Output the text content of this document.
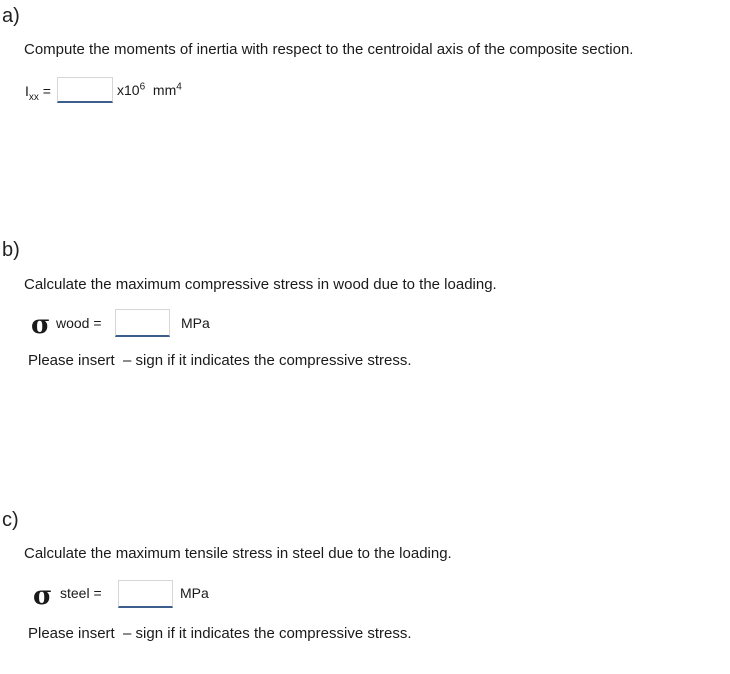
a)
Compute the moments of inertia with respect to the centroidal axis of the composite section.
$I_{xx}$ =	$x10^6$ $mm^4$
b)
Calculate the maximum compressive stress in wood due to the loading.
σ wood =	MPa
Please insert  – sign if it indicates the compressive stress.
c)
Calculate the maximum tensile stress in steel due to the loading.
σ steel =	MPa
Please insert  – sign if it indicates the compressive stress.
